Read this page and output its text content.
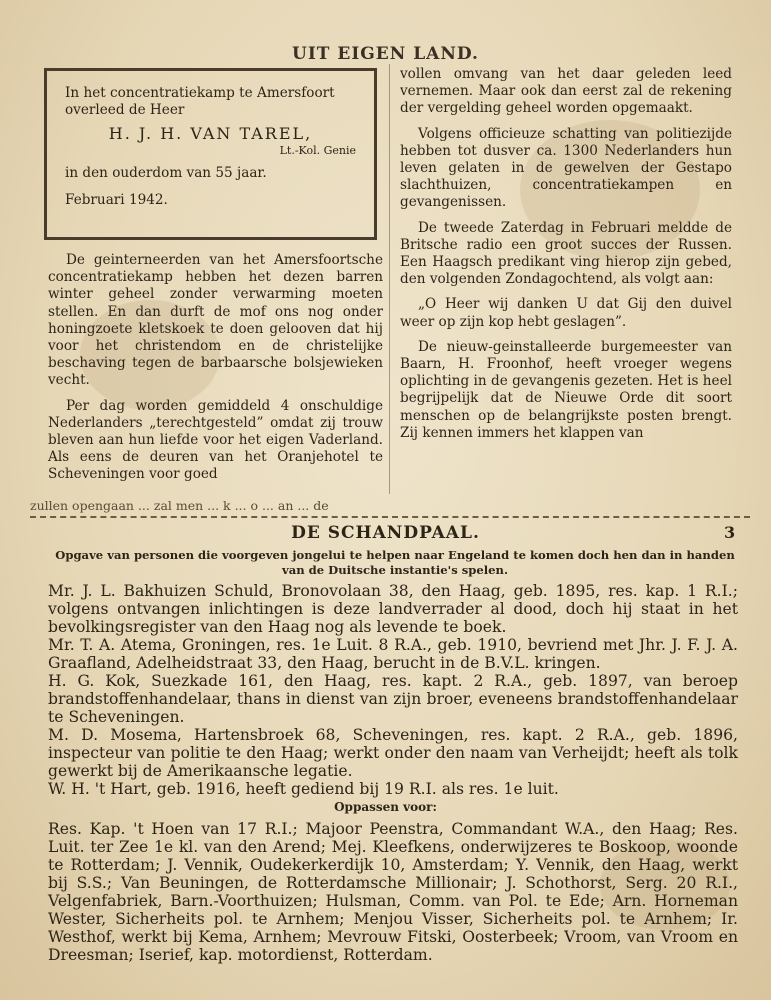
UIT EIGEN LAND.

In het concentratiekamp te Amersfoort

overleed de Heer

H. J. H. VAN TAREL,

Lt.-Kol. Genie

in den ouderdom van 55 jaar.

Februari 1942.

De geinterneerden van het Amersfoortsche concentratiekamp hebben het dezen barren winter geheel zonder verwarming moeten stellen. En dan durft de mof ons nog onder honingzoete kletskoek te doen gelooven dat hij voor het christendom en de christelijke beschaving tegen de barbaarsche bolsjewieken vecht.

Per dag worden gemiddeld 4 onschuldige Nederlanders „terechtgesteld” omdat zij trouw bleven aan hun liefde voor het eigen Vaderland. Als eens de deuren van het Oranjehotel te Scheveningen voor goed

vollen omvang van het daar geleden leed vernemen. Maar ook dan eerst zal de rekening der vergelding geheel worden opgemaakt.

Volgens officieuze schatting van politiezijde hebben tot dusver ca. 1300 Nederlanders hun leven gelaten in de gewelven der Gestapo slachthuizen, concentratiekampen en gevangenissen.

De tweede Zaterdag in Februari meldde de Britsche radio een groot succes der Russen. Een Haagsch predikant ving hierop zijn gebed, den volgenden Zondagochtend, als volgt aan:

„O Heer wij danken U dat Gij den duivel weer op zijn kop hebt geslagen”.

De nieuw-geinstalleerde burgemeester van Baarn, H. Froonhof, heeft vroeger wegens oplichting in de gevangenis gezeten. Het is heel begrijpelijk dat de Nieuwe Orde dit soort menschen op de belangrijkste posten brengt. Zij kennen immers het klappen van

zullen opengaan ... zal men ... k ... o ... an ... de
DE SCHANDPAAL.	3
Opgave van personen die voorgeven jongelui te helpen naar Engeland te komen doch hen dan in handen van de Duitsche instantie's spelen.

Mr. J. L. Bakhuizen Schuld, Bronovolaan 38, den Haag, geb. 1895, res. kap. 1 R.I.; volgens ontvangen inlichtingen is deze landverrader al dood, doch hij staat in het bevolkingsregister van den Haag nog als levende te boek.

Mr. T. A. Atema, Groningen, res. 1e Luit. 8 R.A., geb. 1910, bevriend met Jhr. J. F. J. A. Graafland, Adelheidstraat 33, den Haag, berucht in de B.V.L. kringen.

H. G. Kok, Suezkade 161, den Haag, res. kapt. 2 R.A., geb. 1897, van beroep brandstoffenhandelaar, thans in dienst van zijn broer, eveneens brandstoffenhandelaar te Scheveningen.

M. D. Mosema, Hartensbroek 68, Scheveningen, res. kapt. 2 R.A., geb. 1896, inspecteur van politie te den Haag; werkt onder den naam van Verheijdt; heeft als tolk gewerkt bij de Amerikaansche legatie.

W. H. 't Hart, geb. 1916, heeft gediend bij 19 R.I. als res. 1e luit.

Oppassen voor:

Res. Kap. 't Hoen van 17 R.I.; Majoor Peenstra, Commandant W.A., den Haag; Res. Luit. ter Zee 1e kl. van den Arend; Mej. Kleefkens, onderwijzeres te Boskoop, woonde te Rotterdam; J. Vennik, Oudekerkerdijk 10, Amsterdam; Y. Vennik, den Haag, werkt bij S.S.; Van Beuningen, de Rotterdamsche Millionair; J. Schothorst, Serg. 20 R.I., Velgenfabriek, Barn.-Voorthuizen; Hulsman, Comm. van Pol. te Ede; Arn. Horneman Wester, Sicherheits pol. te Arnhem; Menjou Visser, Sicherheits pol. te Arnhem; Ir. Westhof, werkt bij Kema, Arnhem; Mevrouw Fitski, Oosterbeek; Vroom, van Vroom en Dreesman; Iserief, kap. motordienst, Rotterdam.
